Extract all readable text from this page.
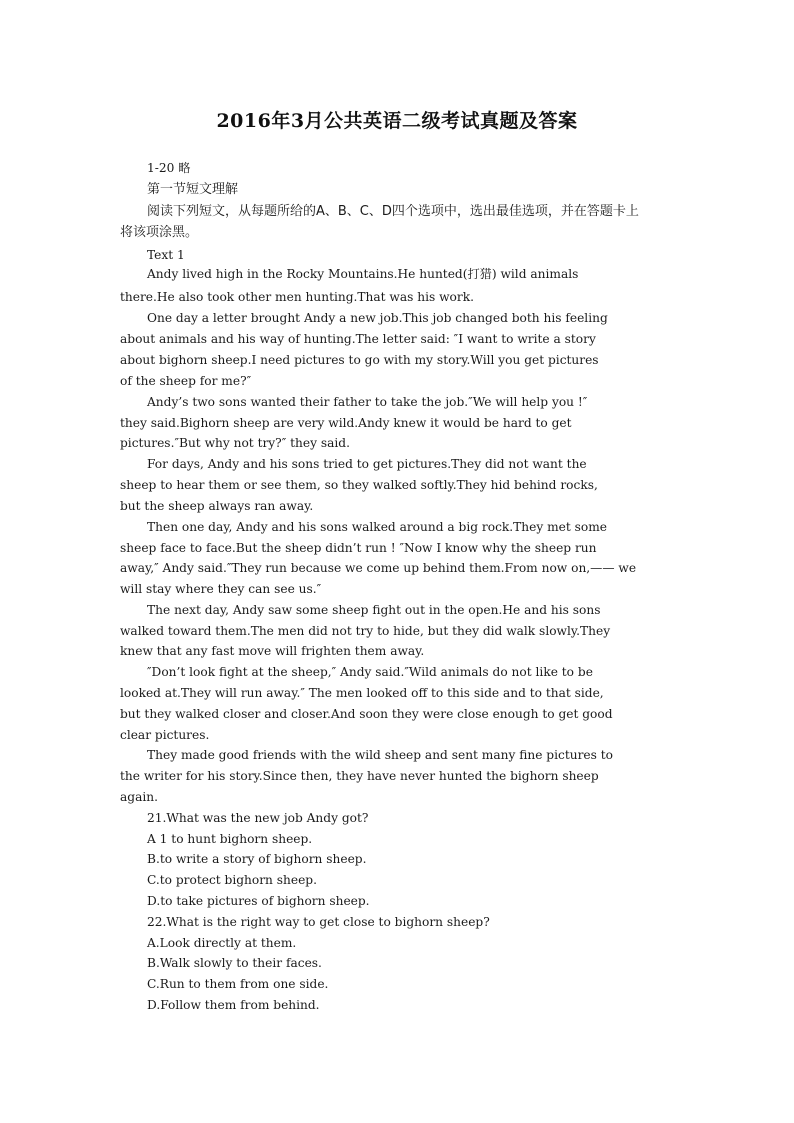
2016年3月公共英语二级考试真题及答案
1-20 略
第一节短文理解
阅读下列短文，从每题所给的A、B、C、D四个选项中，选出最佳选项，并在答题卡上
将该项涂黑。
Text 1
Andy lived high in the Rocky Mountains.He hunted(打猎) wild animals
there.He also took other men hunting.That was his work.
One day a letter brought Andy a new job.This job changed both his feeling
about animals and his way of hunting.The letter said: ″I want to write a story
about bighorn sheep.I need pictures to go with my story.Will you get pictures
of the sheep for me?″
Andy’s two sons wanted their father to take the job.″We will help you !″
they said.Bighorn sheep are very wild.Andy knew it would be hard to get
pictures.″But why not try?″ they said.
For days, Andy and his sons tried to get pictures.They did not want the
sheep to hear them or see them, so they walked softly.They hid behind rocks,
but the sheep always ran away.
Then one day, Andy and his sons walked around a big rock.They met some
sheep face to face.But the sheep didn’t run ! ″Now I know why the sheep run
away,″ Andy said.″They run because we come up behind them.From now on,—— we
will stay where they can see us.″
The next day, Andy saw some sheep fight out in the open.He and his sons
walked toward them.The men did not try to hide, but they did walk slowly.They
knew that any fast move will frighten them away.
″Don’t look fight at the sheep,″ Andy said.″Wild animals do not like to be
looked at.They will run away.″ The men looked off to this side and to that side,
but they walked closer and closer.And soon they were close enough to get good
clear pictures.
They made good friends with the wild sheep and sent many fine pictures to
the writer for his story.Since then, they have never hunted the bighorn sheep
again.
21.What was the new job Andy got?
A 1 to hunt bighorn sheep.
B.to write a story of bighorn sheep.
C.to protect bighorn sheep.
D.to take pictures of bighorn sheep.
22.What is the right way to get close to bighorn sheep?
A.Look directly at them.
B.Walk slowly to their faces.
C.Run to them from one side.
D.Follow them from behind.
